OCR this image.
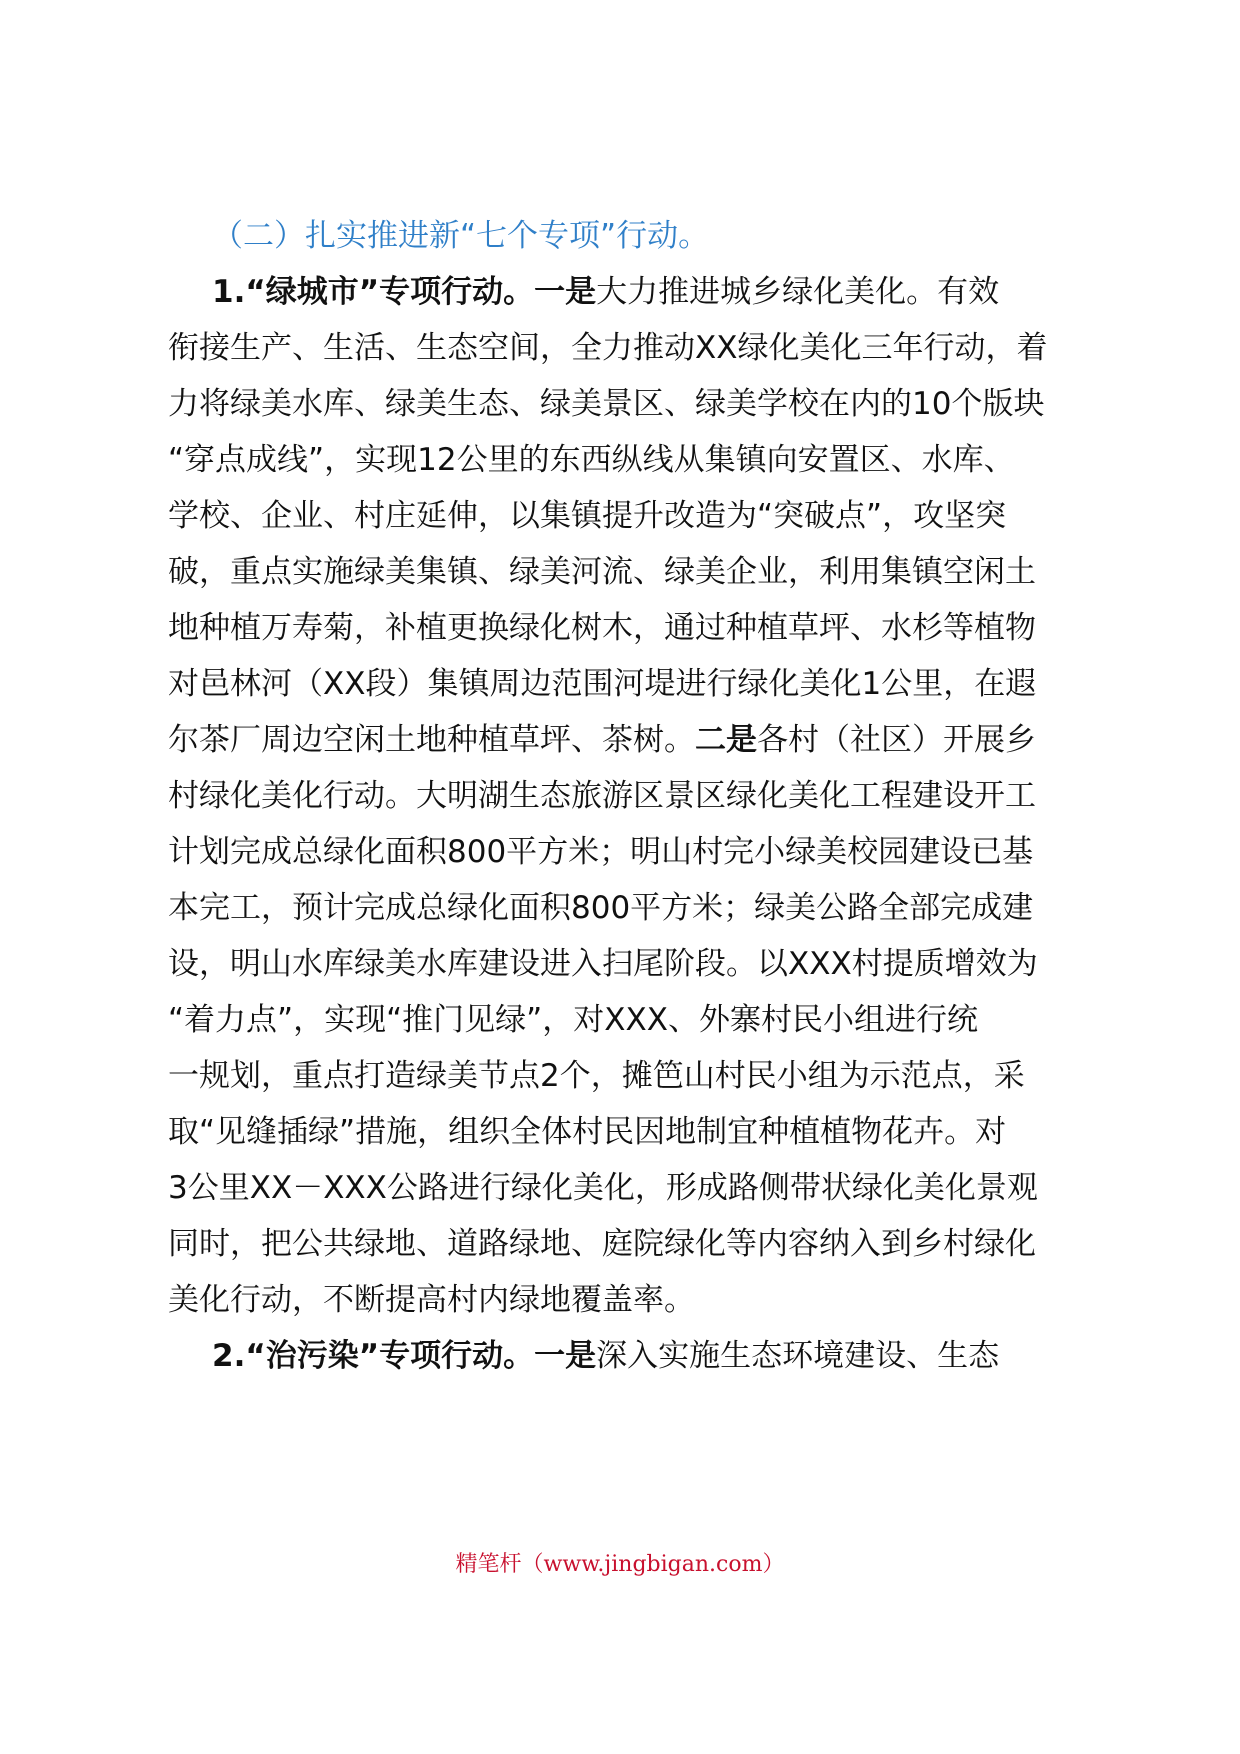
（二）扎实推进新“七个专项”行动。
1.“绿城市”专项行动。一是大力推进城乡绿化美化。有效
衔接生产、生活、生态空间，全力推动XX绿化美化三年行动，着
力将绿美水库、绿美生态、绿美景区、绿美学校在内的10个版块
“穿点成线”，实现12公里的东西纵线从集镇向安置区、水库、
学校、企业、村庄延伸，以集镇提升改造为“突破点”，攻坚突
破，重点实施绿美集镇、绿美河流、绿美企业，利用集镇空闲土
地种植万寿菊，补植更换绿化树木，通过种植草坪、水杉等植物
对邑林河（XX段）集镇周边范围河堤进行绿化美化1公里，在遐
尔茶厂周边空闲土地种植草坪、茶树。二是各村（社区）开展乡
村绿化美化行动。大明湖生态旅游区景区绿化美化工程建设开工
计划完成总绿化面积800平方米；明山村完小绿美校园建设已基
本完工，预计完成总绿化面积800平方米；绿美公路全部完成建
设，明山水库绿美水库建设进入扫尾阶段。以XXX村提质增效为
“着力点”，实现“推门见绿”，对XXX、外寨村民小组进行统
一规划，重点打造绿美节点2个，摊笆山村民小组为示范点，采
取“见缝插绿”措施，组织全体村民因地制宜种植植物花卉。对
3公里XX－XXX公路进行绿化美化，形成路侧带状绿化美化景观
同时，把公共绿地、道路绿地、庭院绿化等内容纳入到乡村绿化
美化行动，不断提高村内绿地覆盖率。
2.“治污染”专项行动。一是深入实施生态环境建设、生态
精笔杆（www.jingbigan.com）
